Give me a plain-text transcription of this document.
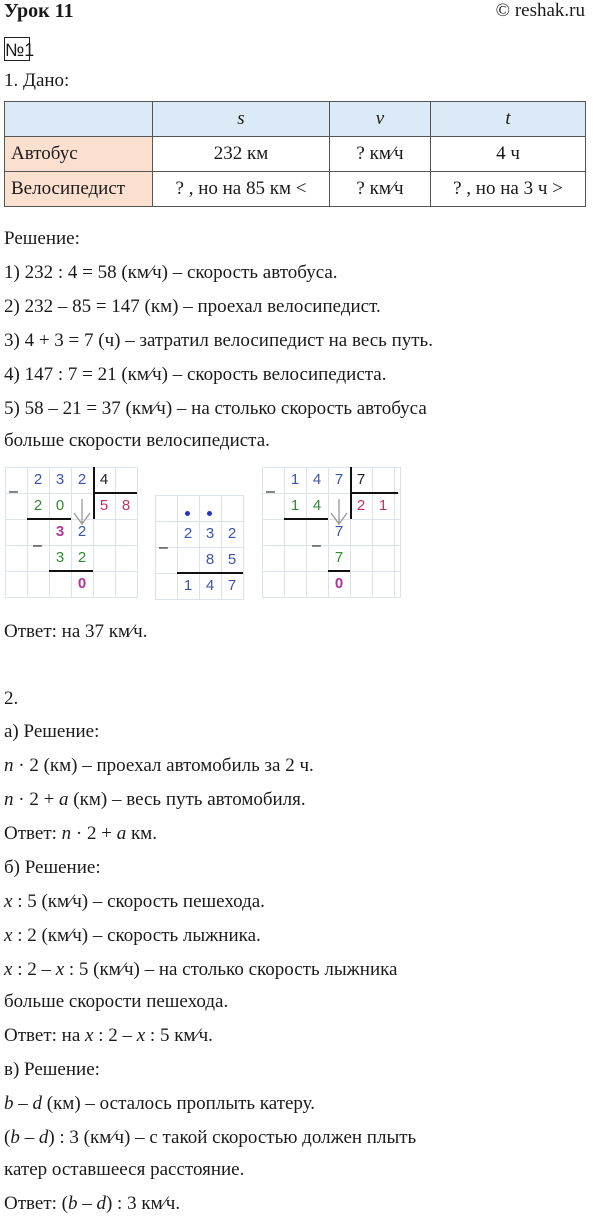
Урок 11	© reshak.ru
№1
1. Дано:
	s	v	t
Автобус	232 км	? км⁄ч	4 ч
Велосипедист	? , но на 85 км <	? км⁄ч	? , но на 3 ч >
Решение:
1) 232 : 4 = 58 (км⁄ч) – скорость автобуса.
2) 232 – 85 = 147 (км) – проехал велосипедист.
3) 4 + 3 = 7 (ч) – затратил велосипедист на весь путь.
4) 147 : 7 = 21 (км⁄ч) – скорость велосипедиста.
5) 58 – 21 = 37 (км⁄ч) – на столько скорость автобуса
больше скорости велосипедиста.
–
2 3 2 4
2 0	5 8
–
3 2
3 2
0
–
2 3 2
8 5
1 4 7
–
1 4 7 7
1 4	2 1
–
7
7
0
Ответ: на 37 км⁄ч.
2.
а) Решение:
n · 2 (км) – проехал автомобиль за 2 ч.
n · 2 + a (км) – весь путь автомобиля.
Ответ: n · 2 + a км.
б) Решение:
x : 5 (км⁄ч) – скорость пешехода.
x : 2 (км⁄ч) – скорость лыжника.
x : 2 – x : 5 (км⁄ч) – на столько скорость лыжника
больше скорости пешехода.
Ответ: на x : 2 – x : 5 км⁄ч.
в) Решение:
b – d (км) – осталось проплыть катеру.
(b – d) : 3 (км⁄ч) – с такой скоростью должен плыть
катер оставшееся расстояние.
Ответ: (b – d) : 3 км⁄ч.
